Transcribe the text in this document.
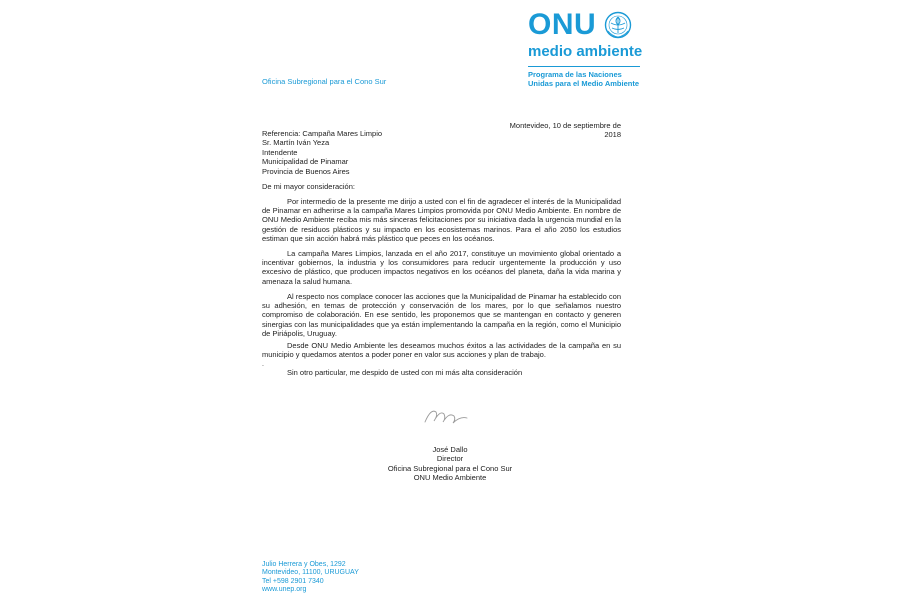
ONU
medio ambiente
Programa de las Naciones
Unidas para el Medio Ambiente
Oficina Subregional para el Cono Sur
Montevideo, 10 de septiembre de 2018
Referencia: Campaña Mares Limpio
Sr. Martín Iván Yeza
Intendente
Municipalidad de Pinamar
Provincia de Buenos Aires
De mi mayor consideración:
Por intermedio de la presente me dirijo a usted con el fin de agradecer el interés de la Municipalidad de Pinamar en adherirse a la campaña Mares Limpios promovida por ONU Medio Ambiente. En nombre de ONU Medio Ambiente reciba mis más sinceras felicitaciones por su iniciativa dada la urgencia mundial en la gestión de residuos plásticos y su impacto en los ecosistemas marinos. Para el año 2050 los estudios estiman que sin acción habrá más plástico que peces en los océanos.
La campaña Mares Limpios, lanzada en el año 2017, constituye un movimiento global orientado a incentivar gobiernos, la industria y los consumidores para reducir urgentemente la producción y uso excesivo de plástico, que producen impactos negativos en los océanos del planeta, daña la vida marina y amenaza la salud humana.
Al respecto nos complace conocer las acciones que la Municipalidad de Pinamar ha establecido con su adhesión, en temas de protección y conservación de los mares, por lo que señalamos nuestro compromiso de colaboración. En ese sentido, les proponemos que se mantengan en contacto y generen sinergias con las municipalidades que ya están implementando la campaña en la región, como el Municipio de Piriápolis, Uruguay.
Desde ONU Medio Ambiente les deseamos muchos éxitos a las actividades de la campaña en su municipio y quedamos atentos a poder poner en valor sus acciones y plan de trabajo.
.
Sin otro particular, me despido de usted con mi más alta consideración
José Dallo
Director
Oficina Subregional para el Cono Sur
ONU Medio Ambiente
Julio Herrera y Obes, 1292
Montevideo, 11100, URUGUAY
Tel +598 2901 7340
www.unep.org
